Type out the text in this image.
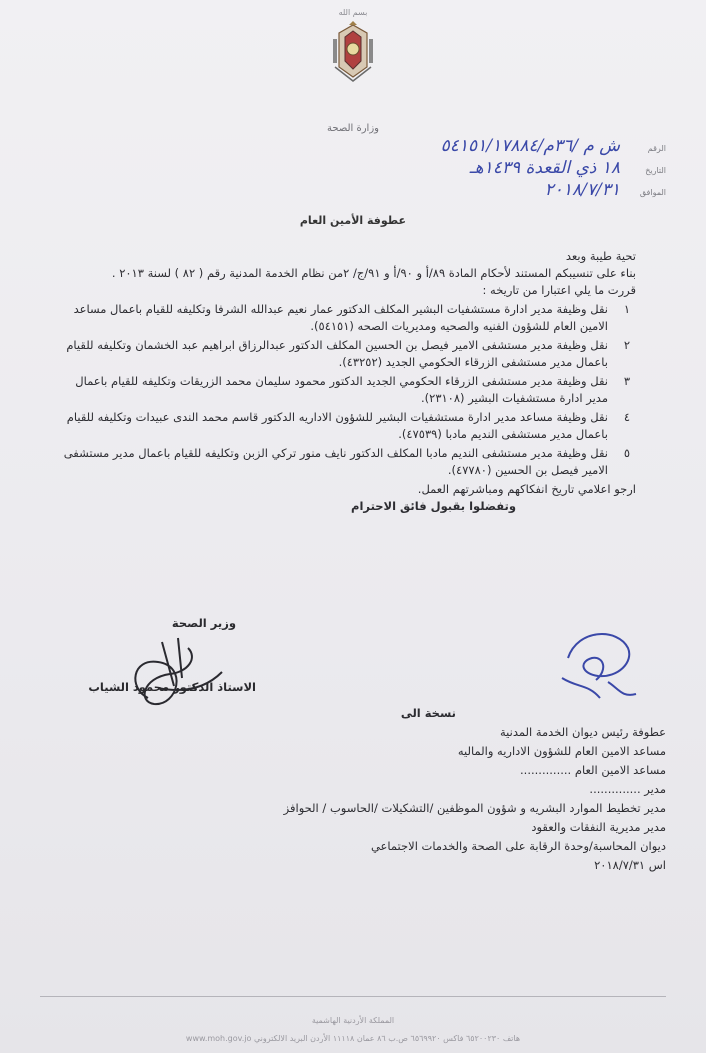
بسم الله
وزارة الصحة
الرقم
ش م /٣٦م/٥٤١٥١/١٧٨٨٤
التاريخ
١٨ ذي القعدة ١٤٣٩هـ
الموافق
٢٠١٨/٧/٣١
عطوفة الأمين العام

تحية طيبة وبعد

بناء على تنسيبكم المستند لأحكام المادة ٨٩/أ و ٩٠/أ و ٩١/ج/ ٢من نظام الخدمة المدنية رقم ( ٨٢ ) لسنة ٢٠١٣ .

قررت ما يلي اعتبارا من تاريخه :

١
نقل وظيفة مدير ادارة مستشفيات البشير المكلف الدكتور عمار نعيم عبدالله الشرفا وتكليفه للقيام باعمال مساعد الامين العام للشؤون الفنيه والصحيه ومديريات الصحه (٥٤١٥١).
٢
نقل وظيفة مدير مستشفى الامير فيصل بن الحسين المكلف الدكتور عبدالرزاق ابراهيم عبد الخشمان وتكليفه للقيام باعمال مدير مستشفى الزرقاء الحكومي الجديد (٤٣٢٥٢).
٣
نقل وظيفة مدير مستشفى الزرقاء الحكومي الجديد الدكتور محمود سليمان محمد الزريقات وتكليفه للقيام باعمال مدير ادارة مستشفيات البشير (٢٣١٠٨).
٤
نقل وظيفة مساعد مدير ادارة مستشفيات البشير للشؤون الاداريه الدكتور قاسم محمد الندى عبيدات وتكليفه للقيام باعمال مدير مستشفى النديم مادبا (٤٧٥٣٩).
٥
نقل وظيفة مدير مستشفى النديم مادبا المكلف الدكتور نايف منور تركي الزبن وتكليفه للقيام باعمال مدير مستشفى الامير فيصل بن الحسين (٤٧٧٨٠).

ارجو اعلامي تاريخ انفكاكهم ومباشرتهم العمل.

وتفضلوا بقبول فائق الاحترام

وزير الصحة
الاستاذ الدكتور محمود الشياب
نسخة الى
عطوفة رئيس ديوان الخدمة المدنية
مساعد الامين العام للشؤون الاداريه والماليه
مساعد الامين العام ..............
مدير ..............
مدير تخطيط الموارد البشريه و شؤون الموظفين /التشكيلات /الحاسوب / الحوافز
مدير مديرية النفقات والعقود
ديوان المحاسبة/وحدة الرقابة على الصحة والخدمات الاجتماعي
اس ٢٠١٨/٧/٣١
المملكة الأردنية الهاشمية
هاتف ٦٥٢٠٠٢٣٠ فاكس ٦٥٦٩٩٢٠ ص.ب ٨٦ عمان ١١١١٨ الأردن البريد الالكتروني www.moh.gov.jo
